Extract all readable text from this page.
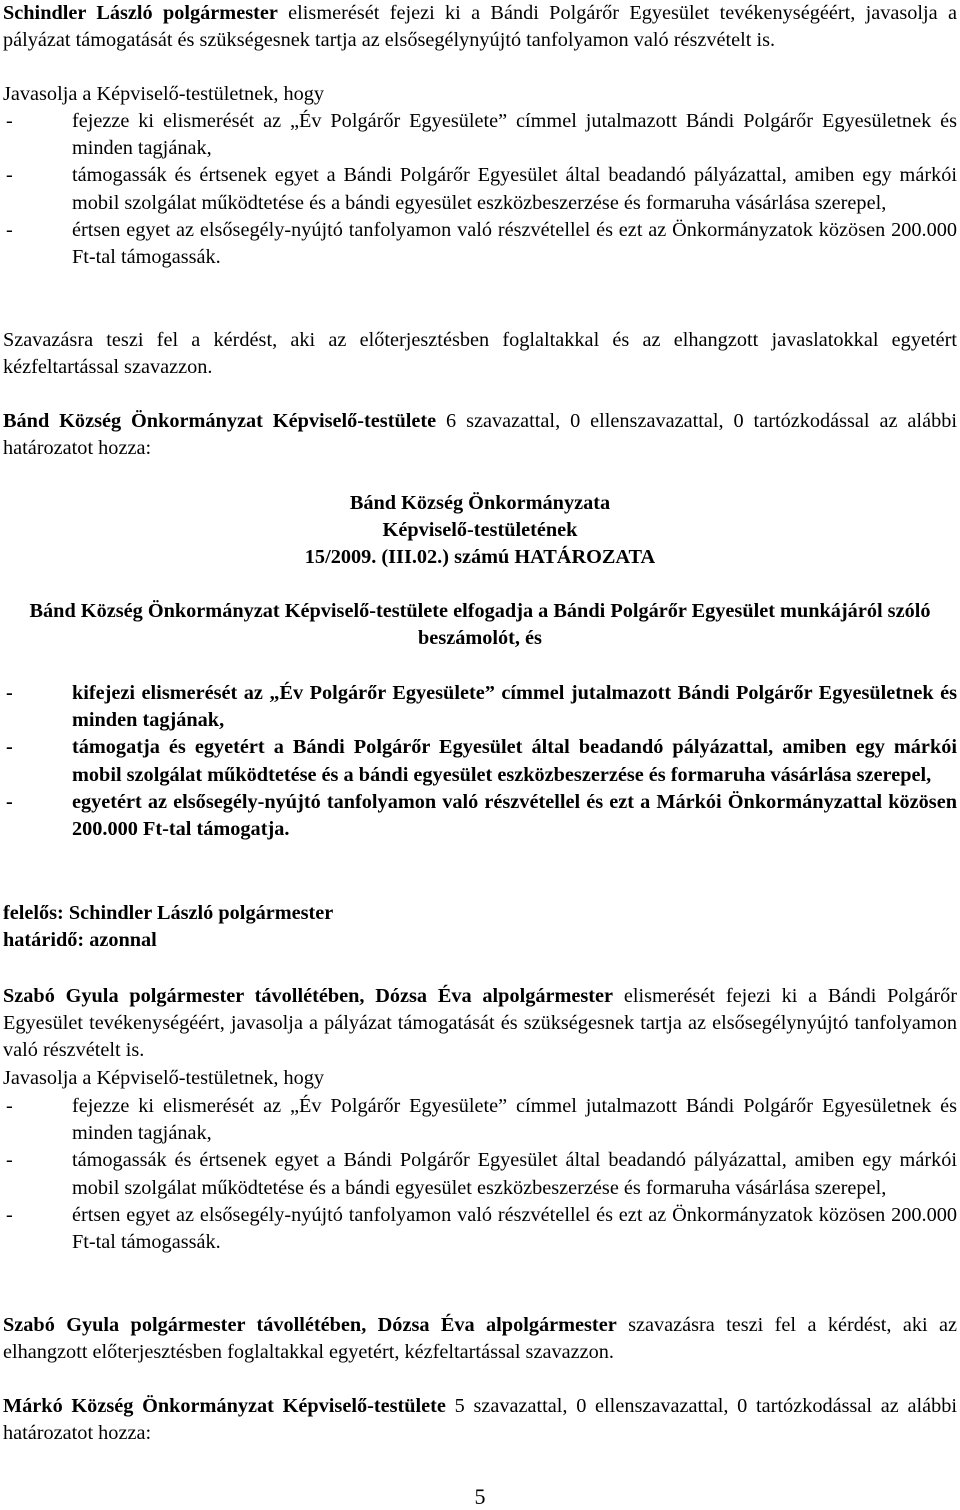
Schindler László polgármester elismerését fejezi ki a Bándi Polgárőr Egyesület tevékenységéért, javasolja a pályázat támogatását és szükségesnek tartja az elsősegélynyújtó tanfolyamon való részvételt is.

Javasolja a Képviselő-testületnek, hogy

-	fejezze ki elismerését az „Év Polgárőr Egyesülete” címmel jutalmazott Bándi Polgárőr Egyesületnek és minden tagjának,
-	támogassák és értsenek egyet a Bándi Polgárőr Egyesület által beadandó pályázattal, amiben egy márkói mobil szolgálat működtetése és a bándi egyesület eszközbeszerzése és formaruha vásárlása szerepel,
-	értsen egyet az elsősegély-nyújtó tanfolyamon való részvétellel és ezt az Önkormányzatok közösen 200.000 Ft-tal támogassák.

Szavazásra teszi fel a kérdést, aki az előterjesztésben foglaltakkal és az elhangzott javaslatokkal egyetért kézfeltartással szavazzon.

Bánd Község Önkormányzat Képviselő-testülete 6 szavazattal, 0 ellenszavazattal, 0 tartózkodással az alábbi határozatot hozza:

Bánd Község Önkormányzata
Képviselő-testületének
15/2009. (III.02.) számú HATÁROZATA

Bánd Község Önkormányzat Képviselő-testülete elfogadja a Bándi Polgárőr Egyesület munkájáról szóló beszámolót, és

-	kifejezi elismerését az „Év Polgárőr Egyesülete” címmel jutalmazott Bándi Polgárőr Egyesületnek és minden tagjának,
-	támogatja és egyetért a Bándi Polgárőr Egyesület által beadandó pályázattal, amiben egy márkói mobil szolgálat működtetése és a bándi egyesület eszközbeszerzése és formaruha vásárlása szerepel,
-	egyetért az elsősegély-nyújtó tanfolyamon való részvétellel és ezt a Márkói Önkormányzattal közösen 200.000 Ft-tal támogatja.
felelős: Schindler László polgármester
határidő: azonnal

Szabó Gyula polgármester távollétében, Dózsa Éva alpolgármester elismerését fejezi ki a Bándi Polgárőr Egyesület tevékenységéért, javasolja a pályázat támogatását és szükségesnek tartja az elsősegélynyújtó tanfolyamon való részvételt is.

Javasolja a Képviselő-testületnek, hogy

-	fejezze ki elismerését az „Év Polgárőr Egyesülete” címmel jutalmazott Bándi Polgárőr Egyesületnek és minden tagjának,
-	támogassák és értsenek egyet a Bándi Polgárőr Egyesület által beadandó pályázattal, amiben egy márkói mobil szolgálat működtetése és a bándi egyesület eszközbeszerzése és formaruha vásárlása szerepel,
-	értsen egyet az elsősegély-nyújtó tanfolyamon való részvétellel és ezt az Önkormányzatok közösen 200.000 Ft-tal támogassák.

Szabó Gyula polgármester távollétében, Dózsa Éva alpolgármester szavazásra teszi fel a kérdést, aki az elhangzott előterjesztésben foglaltakkal egyetért, kézfeltartással szavazzon.

Márkó Község Önkormányzat Képviselő-testülete 5 szavazattal, 0 ellenszavazattal, 0 tartózkodással az alábbi határozatot hozza:

5
